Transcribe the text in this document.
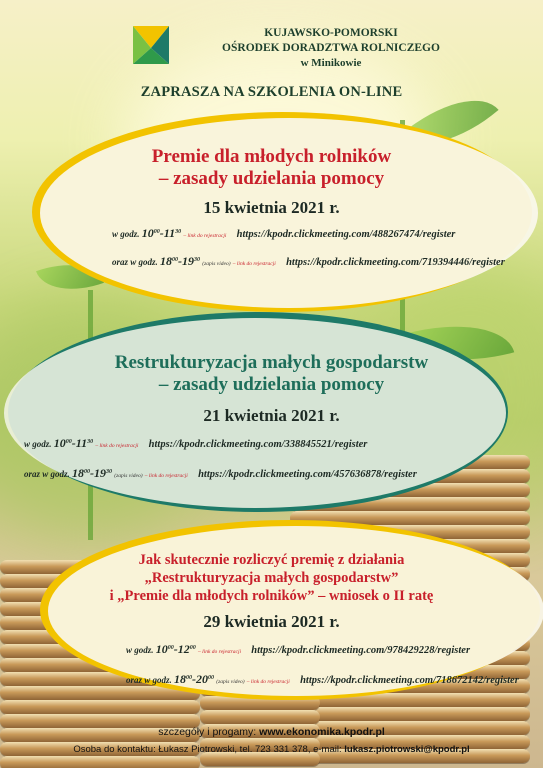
KUJAWSKO-POMORSKI
OŚRODEK DORADZTWA ROLNICZEGO
w Minikowie
ZAPRASZA NA SZKOLENIA ON-LINE
Premie dla młodych rolników
– zasady udzielania pomocy
15 kwietnia 2021 r.
w godz. $10^{00}-11^{30}$ – link do rejestracji https://kpodr.clickmeeting.com/488267474/register
oraz w godz. $18^{00}-19^{30}$ (zapis video) – link do rejestracji https://kpodr.clickmeeting.com/719394446/register
Restrukturyzacja małych gospodarstw
– zasady udzielania pomocy
21 kwietnia 2021 r.
w godz. $10^{00}-11^{30}$ – link do rejestracji https://kpodr.clickmeeting.com/338845521/register
oraz w godz. $18^{00}-19^{30}$ (zapis video) – link do rejestracji https://kpodr.clickmeeting.com/457636878/register
Jak skutecznie rozliczyć premię z działania
„Restrukturyzacja małych gospodarstw”
i „Premie dla młodych rolników” – wniosek o II ratę
29 kwietnia 2021 r.
w godz. $10^{00}-12^{00}$ – link do rejestracji https://kpodr.clickmeeting.com/978429228/register
oraz w godz. $18^{00}-20^{00}$ (zapis video) – link do rejestracji https://kpodr.clickmeeting.com/718672142/register
szczegóły i progamy: www.ekonomika.kpodr.pl
Osoba do kontaktu: Łukasz Piotrowski, tel. 723 331 378, e-mail: lukasz.piotrowski@kpodr.pl
